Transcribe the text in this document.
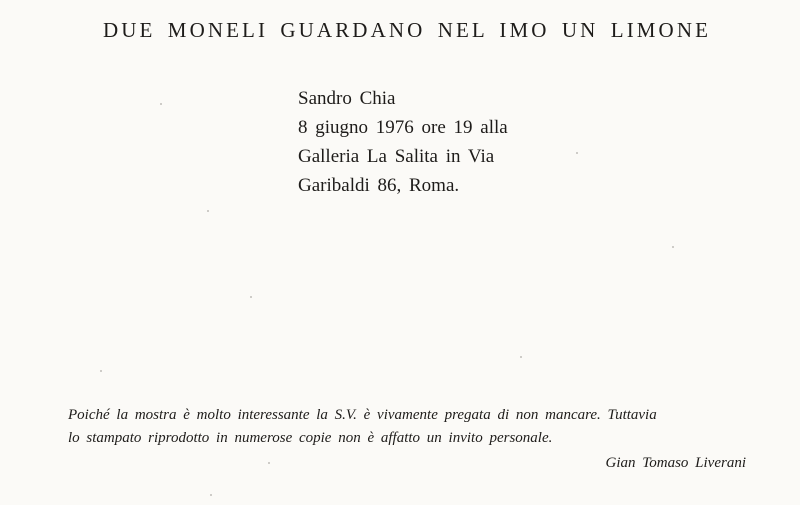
DUE MONELI GUARDANO NEL IMO UN LIMONE
Sandro Chia
8 giugno 1976 ore 19 alla
Galleria La Salita in Via
Garibaldi 86, Roma.
Poiché la mostra è molto interessante la S.V. è vivamente pregata di non mancare. Tuttavia
lo stampato riprodotto in numerose copie non è affatto un invito personale.
Gian Tomaso Liverani
